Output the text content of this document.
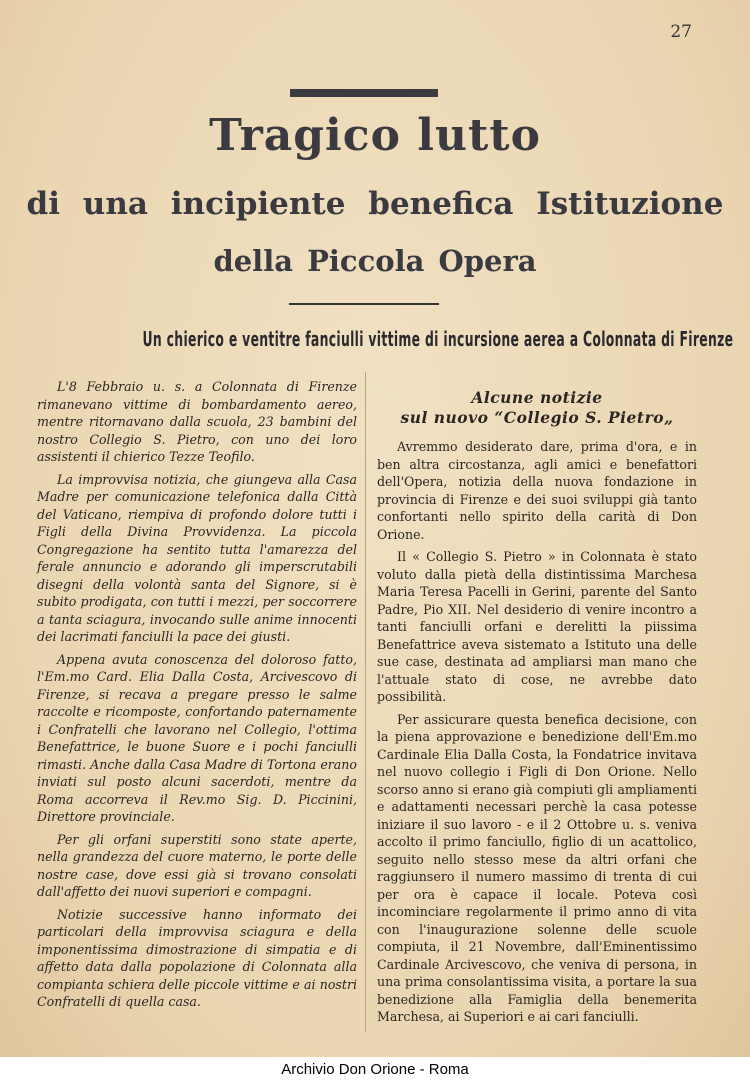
27
Tragico lutto
di una incipiente benefica Istituzione
della Piccola Opera
Un chierico e ventitre fanciulli vittime di incursione aerea a Colonnata di Firenze

L'8 Febbraio u. s. a Colonnata di Firenze rimanevano vittime di bombardamento aereo, mentre ritornavano dalla scuola, 23 bambini del nostro Collegio S. Pietro, con uno dei loro assistenti il chierico Tezze Teofilo.

La improvvisa notizia, che giungeva alla Casa Madre per comunicazione telefonica dalla Città del Vaticano, riempiva di profondo dolore tutti i Figli della Divina Provvidenza. La piccola Congregazione ha sentito tutta l'amarezza del ferale annuncio e adorando gli imperscrutabili disegni della volontà santa del Signore, si è subito prodigata, con tutti i mezzi, per soccorrere a tanta sciagura, invocando sulle anime innocenti dei lacrimati fanciulli la pace dei giusti.

Appena avuta conoscenza del doloroso fatto, l'Em.mo Card. Elia Dalla Costa, Arcivescovo di Firenze, si recava a pregare presso le salme raccolte e ricomposte, confortando paternamente i Confratelli che lavorano nel Collegio, l'ottima Benefattrice, le buone Suore e i pochi fanciulli rimasti. Anche dalla Casa Madre di Tortona erano inviati sul posto alcuni sacerdoti, mentre da Roma accorreva il Rev.mo Sig. D. Piccinini, Direttore provinciale.

Per gli orfani superstiti sono state aperte, nella grandezza del cuore materno, le porte delle nostre case, dove essi già si trovano consolati dall'affetto dei nuovi superiori e compagni.

Notizie successive hanno informato dei particolari della improvvisa sciagura e della imponentissima dimostrazione di simpatia e di affetto data dalla popolazione di Colonnata alla compianta schiera delle piccole vittime e ai nostri Confratelli di quella casa.

Alcune notizie
sul nuovo “Collegio S. Pietro„

Avremmo desiderato dare, prima d'ora, e in ben altra circostanza, agli amici e benefattori dell'Opera, notizia della nuova fondazione in provincia di Firenze e dei suoi sviluppi già tanto confortanti nello spirito della carità di Don Orione.

Il « Collegio S. Pietro » in Colonnata è stato voluto dalla pietà della distintissima Marchesa Maria Teresa Pacelli in Gerini, parente del Santo Padre, Pio XII. Nel desiderio di venire incontro a tanti fanciulli orfani e derelitti la piissima Benefattrice aveva sistemato a Istituto una delle sue case, destinata ad ampliarsi man mano che l'attuale stato di cose, ne avrebbe dato possibilità.

Per assicurare questa benefica decisione, con la piena approvazione e benedizione dell'Em.mo Cardinale Elia Dalla Costa, la Fondatrice invitava nel nuovo collegio i Figli di Don Orione. Nello scorso anno si erano già compiuti gli ampliamenti e adattamenti necessari perchè la casa potesse iniziare il suo lavoro - e il 2 Ottobre u. s. veniva accolto il primo fanciullo, figlio di un acattolico, seguito nello stesso mese da altri orfani che raggiunsero il numero massimo di trenta di cui per ora è capace il locale. Poteva così incominciare regolarmente il primo anno di vita con l'inaugurazione solenne delle scuole compiuta, il 21 Novembre, dall'Eminentissimo Cardinale Arcivescovo, che veniva di persona, in una prima consolantissima visita, a portare la sua benedizione alla Famiglia della benemerita Marchesa, ai Superiori e ai cari fanciulli.

Archivio Don Orione - Roma
